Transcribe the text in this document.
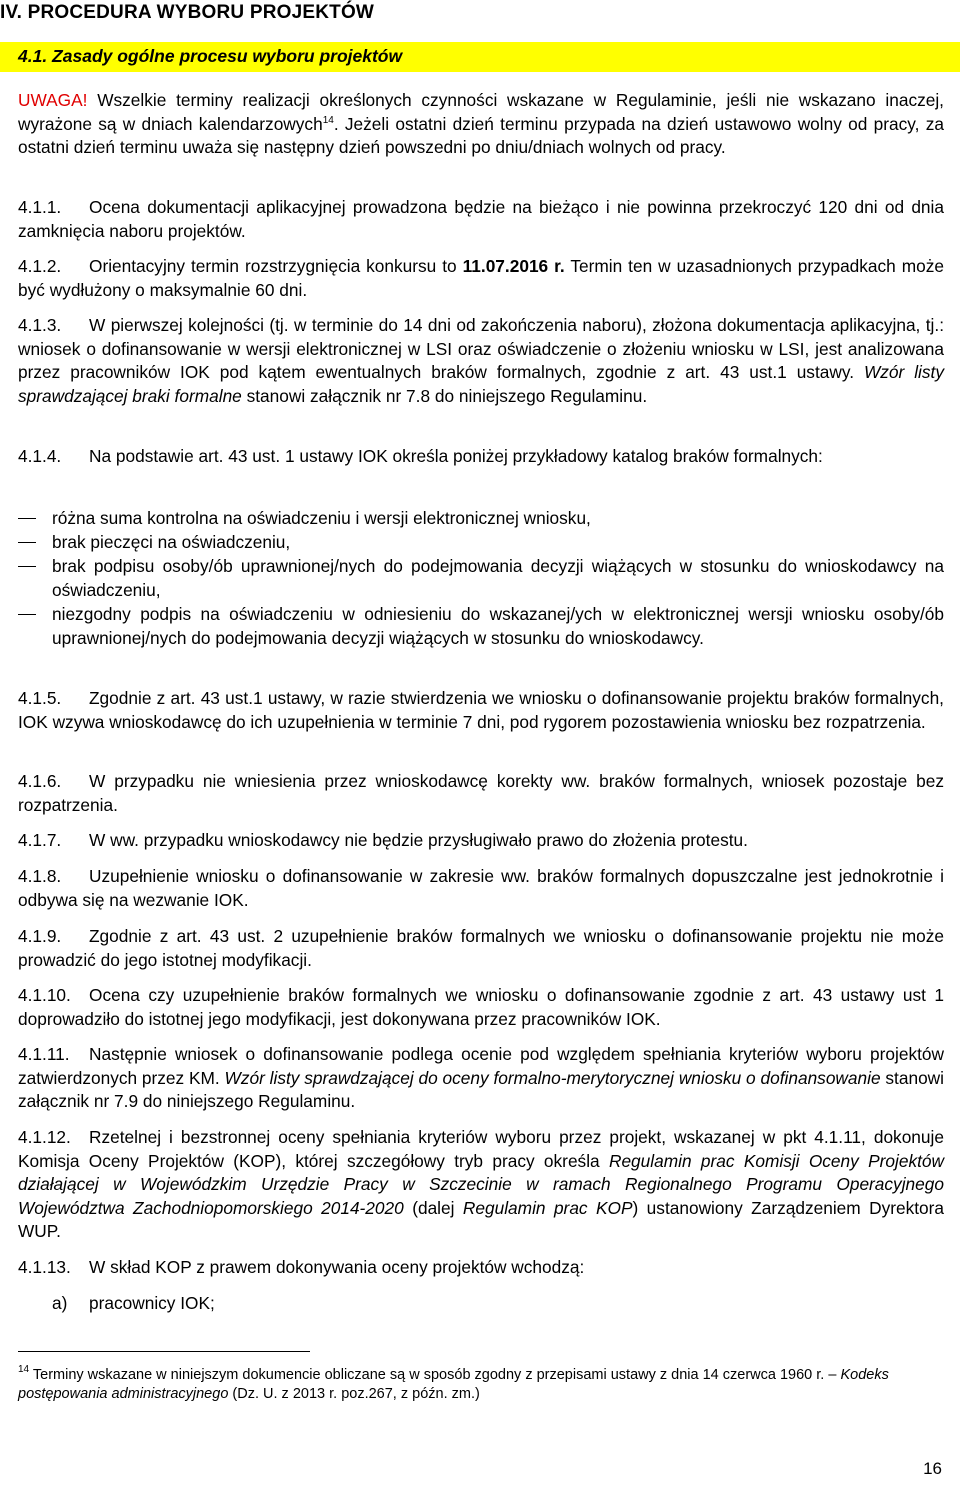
IV. PROCEDURA WYBORU PROJEKTÓW
4.1. Zasady ogólne procesu wyboru projektów

UWAGA! Wszelkie terminy realizacji określonych czynności wskazane w Regulaminie, jeśli nie wskazano inaczej, wyrażone są w dniach kalendarzowych$^{14}$. Jeżeli ostatni dzień terminu przypada na dzień ustawowo wolny od pracy, za ostatni dzień terminu uważa się następny dzień powszedni po dniu/dniach wolnych od pracy.

4.1.1. Ocena dokumentacji aplikacyjnej prowadzona będzie na bieżąco i nie powinna przekroczyć 120 dni od dnia zamknięcia naboru projektów.

4.1.2. Orientacyjny termin rozstrzygnięcia konkursu to 11.07.2016 r. Termin ten w uzasadnionych przypadkach może być wydłużony o maksymalnie 60 dni.

4.1.3. W pierwszej kolejności (tj. w terminie do 14 dni od zakończenia naboru), złożona dokumentacja aplikacyjna, tj.: wniosek o dofinansowanie w wersji elektronicznej w LSI oraz oświadczenie o złożeniu wniosku w LSI, jest analizowana przez pracowników IOK pod kątem ewentualnych braków formalnych, zgodnie z art. 43 ust.1 ustawy. Wzór listy sprawdzającej braki formalne stanowi załącznik nr 7.8 do niniejszego Regulaminu.

4.1.4. Na podstawie art. 43 ust. 1 ustawy IOK określa poniżej przykładowy katalog braków formalnych:

różna suma kontrolna na oświadczeniu i wersji elektronicznej wniosku,
brak pieczęci na oświadczeniu,
brak podpisu osoby/ób uprawnionej/nych do podejmowania decyzji wiążących w stosunku do wnioskodawcy na oświadczeniu,
niezgodny podpis na oświadczeniu w odniesieniu do wskazanej/ych w elektronicznej wersji wniosku osoby/ób uprawnionej/nych do podejmowania decyzji wiążących w stosunku do wnioskodawcy.

4.1.5. Zgodnie z art. 43 ust.1 ustawy, w razie stwierdzenia we wniosku o dofinansowanie projektu braków formalnych, IOK wzywa wnioskodawcę do ich uzupełnienia w terminie 7 dni, pod rygorem pozostawienia wniosku bez rozpatrzenia.

4.1.6. W przypadku nie wniesienia przez wnioskodawcę korekty ww. braków formalnych, wniosek pozostaje bez rozpatrzenia.

4.1.7. W ww. przypadku wnioskodawcy nie będzie przysługiwało prawo do złożenia protestu.

4.1.8. Uzupełnienie wniosku o dofinansowanie w zakresie ww. braków formalnych dopuszczalne jest jednokrotnie i odbywa się na wezwanie IOK.

4.1.9. Zgodnie z art. 43 ust. 2 uzupełnienie braków formalnych we wniosku o dofinansowanie projektu nie może prowadzić do jego istotnej modyfikacji.

4.1.10. Ocena czy uzupełnienie braków formalnych we wniosku o dofinansowanie zgodnie z art. 43 ustawy ust 1 doprowadziło do istotnej jego modyfikacji, jest dokonywana przez pracowników IOK.

4.1.11. Następnie wniosek o dofinansowanie podlega ocenie pod względem spełniania kryteriów wyboru projektów zatwierdzonych przez KM. Wzór listy sprawdzającej do oceny formalno-merytorycznej wniosku o dofinansowanie stanowi załącznik nr 7.9 do niniejszego Regulaminu.

4.1.12. Rzetelnej i bezstronnej oceny spełniania kryteriów wyboru przez projekt, wskazanej w pkt 4.1.11, dokonuje Komisja Oceny Projektów (KOP), której szczegółowy tryb pracy określa Regulamin prac Komisji Oceny Projektów działającej w Wojewódzkim Urzędzie Pracy w Szczecinie w ramach Regionalnego Programu Operacyjnego Województwa Zachodniopomorskiego 2014-2020 (dalej Regulamin prac KOP) ustanowiony Zarządzeniem Dyrektora WUP.

4.1.13. W skład KOP z prawem dokonywania oceny projektów wchodzą:

a) pracownicy IOK;

$^{14}$ Terminy wskazane w niniejszym dokumencie obliczane są w sposób zgodny z przepisami ustawy z dnia 14 czerwca 1960 r. – Kodeks postępowania administracyjnego (Dz. U. z 2013 r. poz.267, z późn. zm.)
16
